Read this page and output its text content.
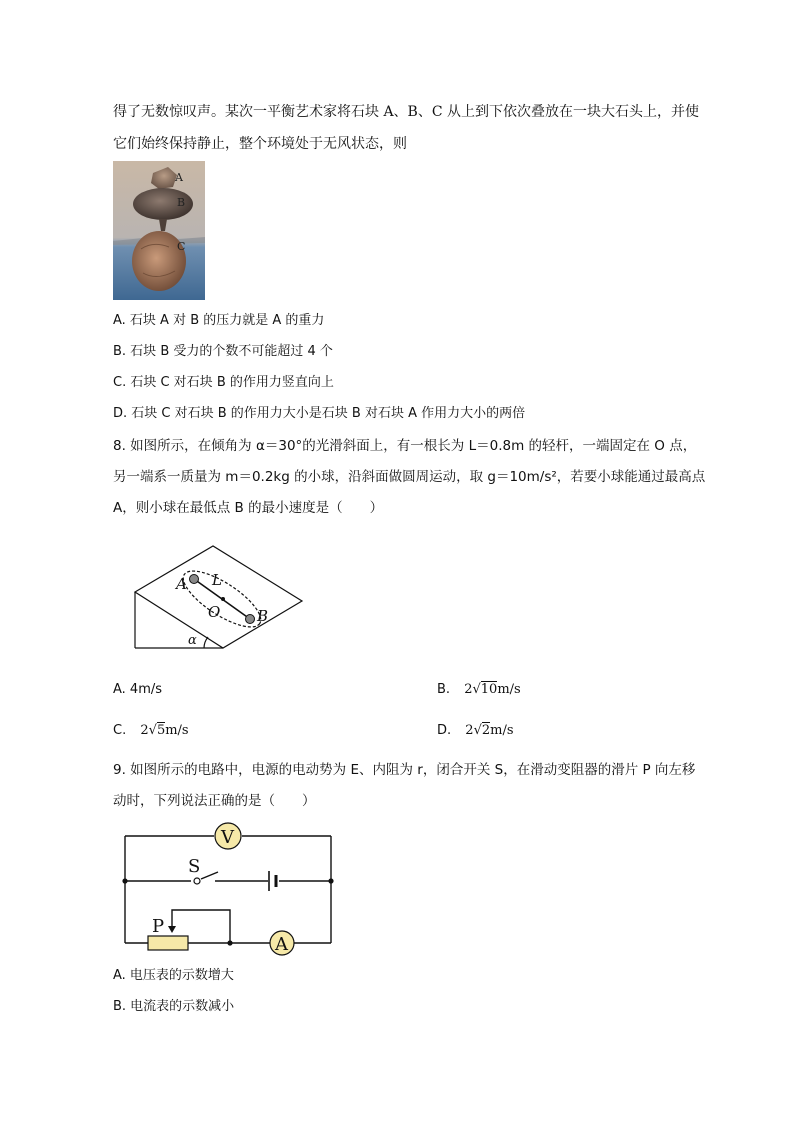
得了无数惊叹声。某次一平衡艺术家将石块 A、B、C 从上到下依次叠放在一块大石头上，并使
它们始终保持静止，整个环境处于无风状态，则
A
B
C
A. 石块 A 对 B 的压力就是 A 的重力
B. 石块 B 受力的个数不可能超过 4 个
C. 石块 C 对石块 B 的作用力竖直向上
D. 石块 C 对石块 B 的作用力大小是石块 B 对石块 A 作用力大小的两倍
8. 如图所示，在倾角为 α＝30°的光滑斜面上，有一根长为 L＝0.8m 的轻杆，一端固定在 O 点，
另一端系一质量为 m＝0.2kg 的小球，沿斜面做圆周运动，取 g＝10m/s²，若要小球能通过最高点
A，则小球在最低点 B 的最小速度是（　　）
A L
O B
α
A. 4m/s	B. 2√10m/s
C. 2√5m/s	D. 2√2m/s
9. 如图所示的电路中，电源的电动势为 E、内阻为 r，闭合开关 S，在滑动变阻器的滑片 P 向左移
动时，下列说法正确的是（　　）
V
S
P
A
A. 电压表的示数增大
B. 电流表的示数减小
